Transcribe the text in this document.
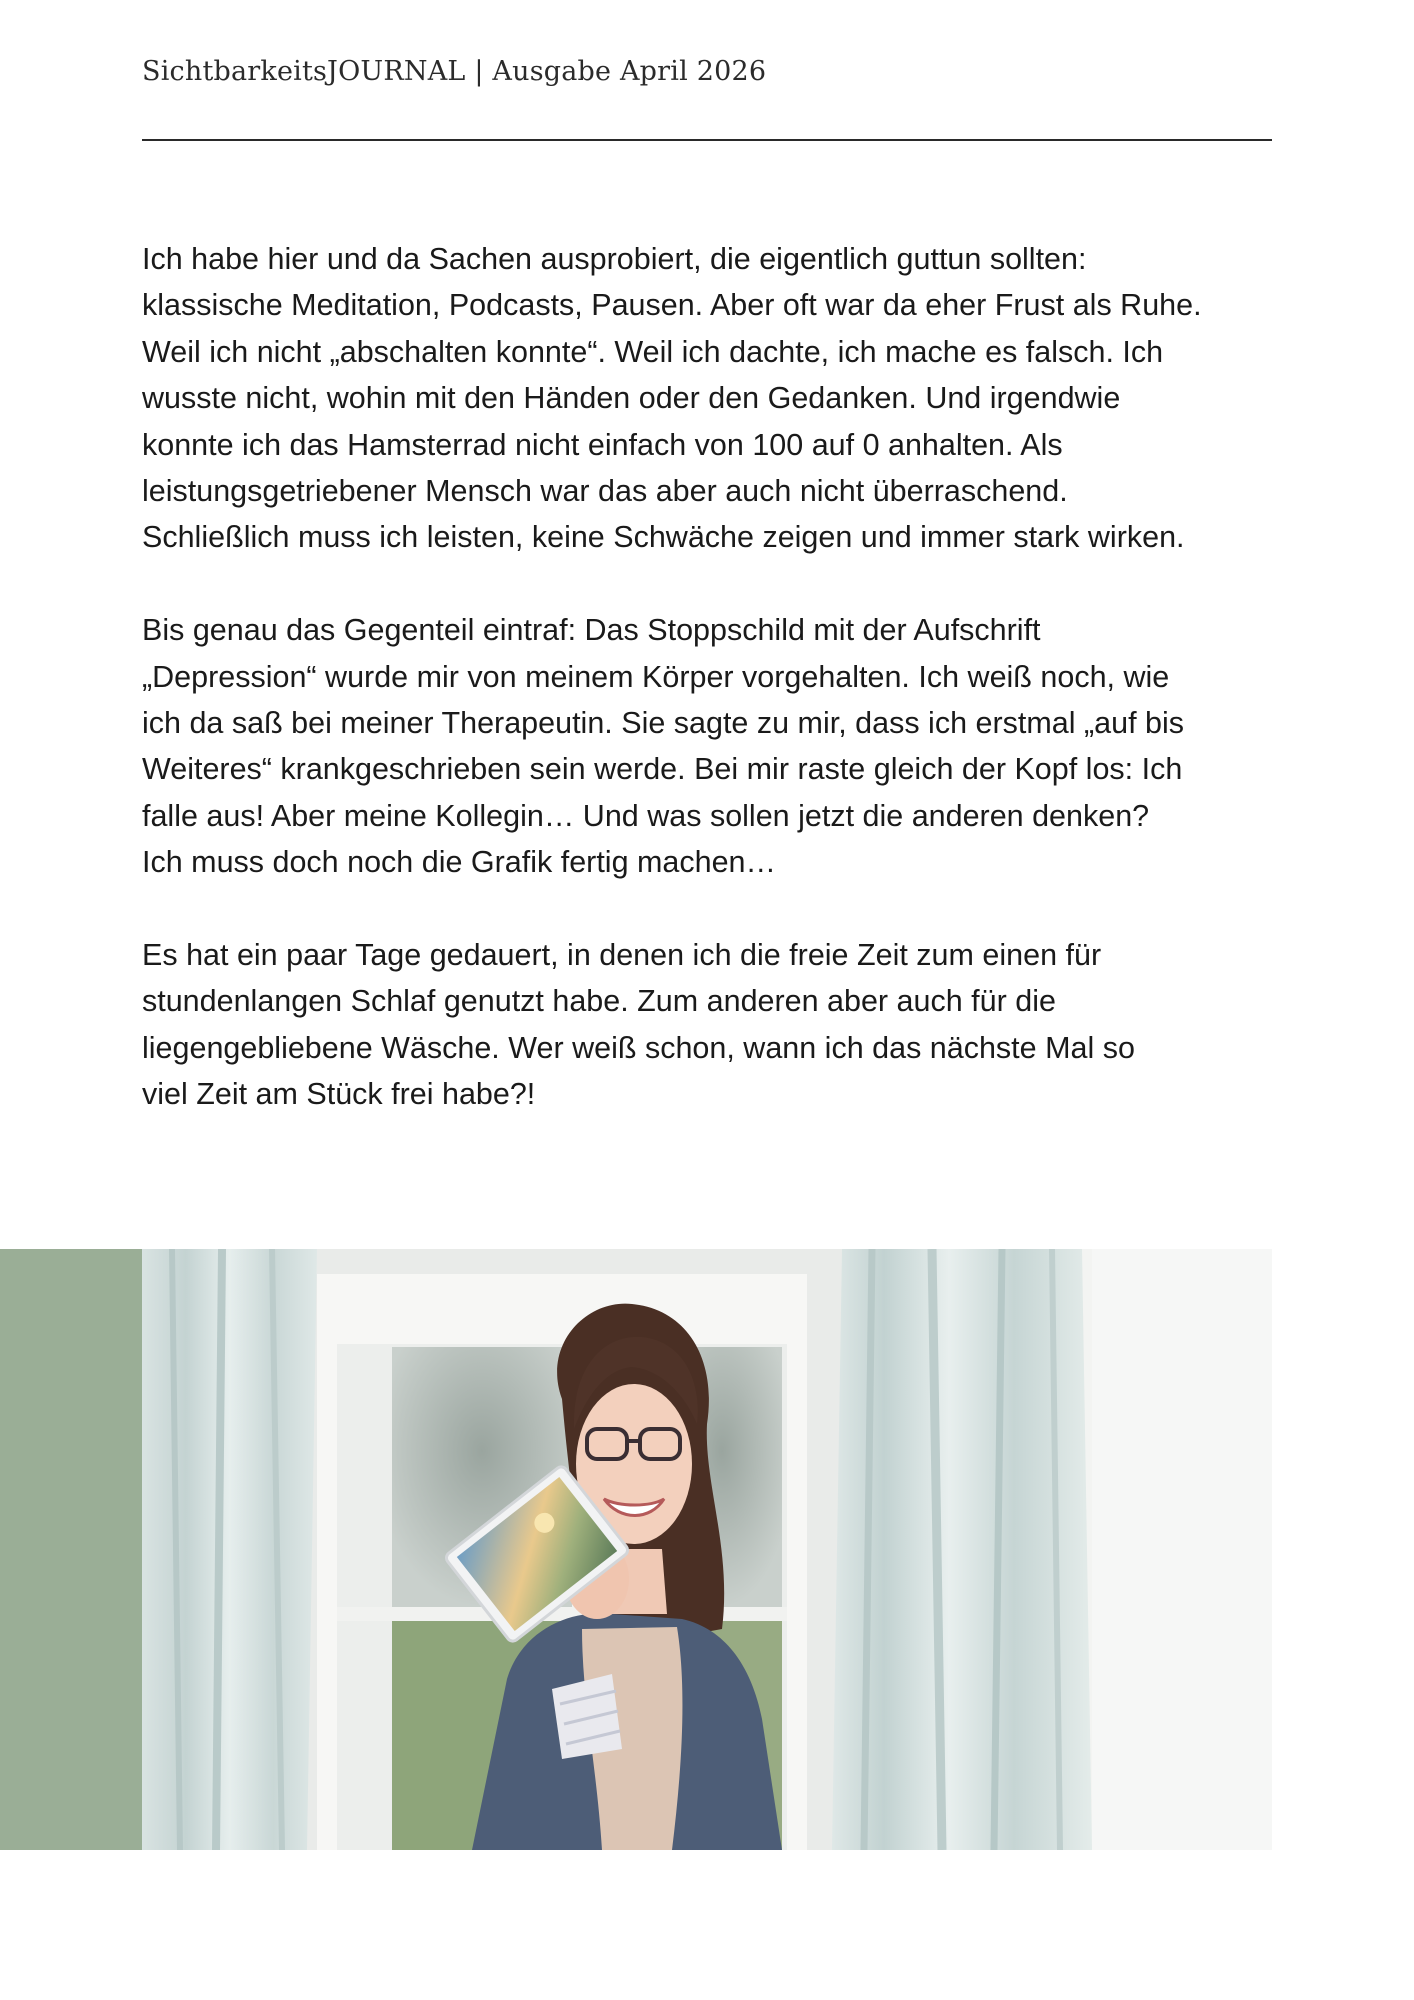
SichtbarkeitsJOURNAL | Ausgabe April 2026
Ich habe hier und da Sachen ausprobiert, die eigentlich guttun sollten:
klassische Meditation, Podcasts, Pausen. Aber oft war da eher Frust als Ruhe.
Weil ich nicht „abschalten konnte“. Weil ich dachte, ich mache es falsch. Ich
wusste nicht, wohin mit den Händen oder den Gedanken. Und irgendwie
konnte ich das Hamsterrad nicht einfach von 100 auf 0 anhalten. Als
leistungsgetriebener Mensch war das aber auch nicht überraschend.
Schließlich muss ich leisten, keine Schwäche zeigen und immer stark wirken.
Bis genau das Gegenteil eintraf: Das Stoppschild mit der Aufschrift
„Depression“ wurde mir von meinem Körper vorgehalten. Ich weiß noch, wie
ich da saß bei meiner Therapeutin. Sie sagte zu mir, dass ich erstmal „auf bis
Weiteres“ krankgeschrieben sein werde. Bei mir raste gleich der Kopf los: Ich
falle aus! Aber meine Kollegin… Und was sollen jetzt die anderen denken?
Ich muss doch noch die Grafik fertig machen…
Es hat ein paar Tage gedauert, in denen ich die freie Zeit zum einen für
stundenlangen Schlaf genutzt habe. Zum anderen aber auch für die
liegengebliebene Wäsche. Wer weiß schon, wann ich das nächste Mal so
viel Zeit am Stück frei habe?!
